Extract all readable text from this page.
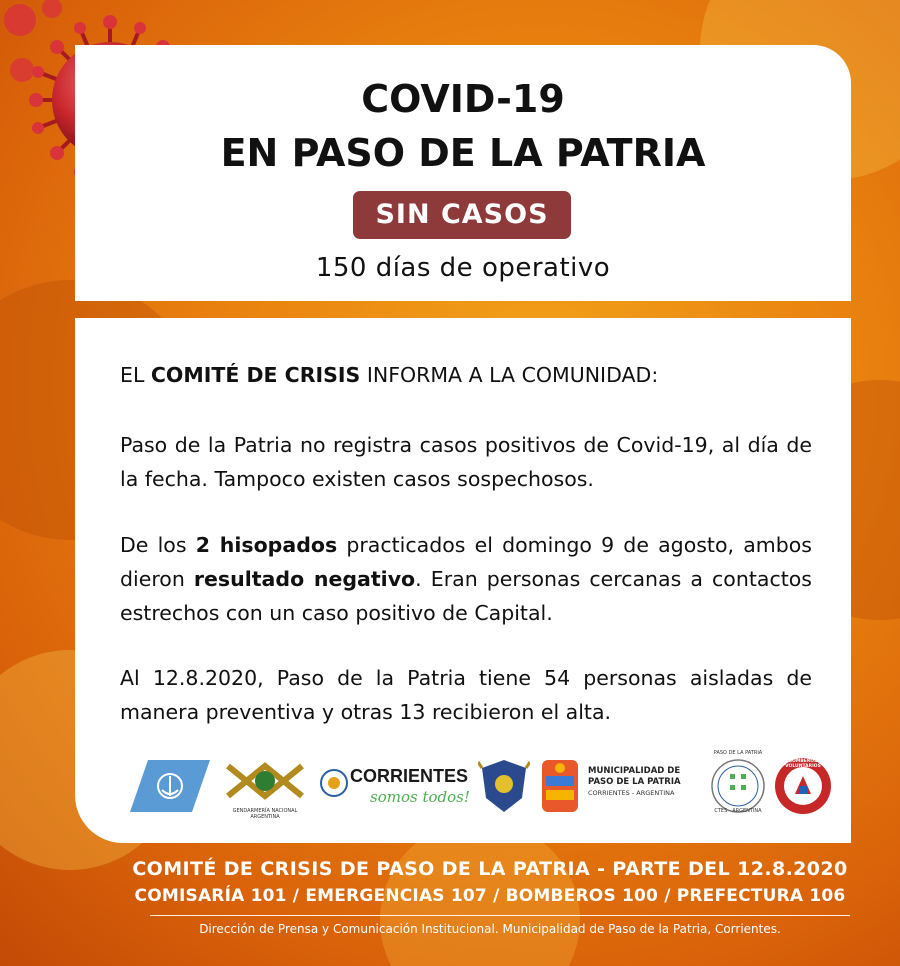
COVID-19
EN PASO DE LA PATRIA
SIN CASOS
150 días de operativo
EL COMITÉ DE CRISIS INFORMA A LA COMUNIDAD:
Paso de la Patria no registra casos positivos de Covid-19, al día de la fecha. Tampoco existen casos sospechosos.
De los 2 hisopados practicados el domingo 9 de agosto, ambos dieron resultado negativo. Eran personas cercanas a contactos estrechos con un caso positivo de Capital.
Al 12.8.2020, Paso de la Patria tiene 54 personas aisladas de manera preventiva y otras 13 recibieron el alta.
GENDARMERÍA NACIONAL ARGENTINA
CORRIENTES
somos todos!
MUNICIPALIDAD DE
PASO DE LA PATRIA
CORRIENTES - ARGENTINA
PASO DE LA PATRIA
CTES - ARGENTINA
BOMBEROS VOLUNTARIOS
COMITÉ DE CRISIS DE PASO DE LA PATRIA - PARTE DEL 12.8.2020
COMISARÍA 101 / EMERGENCIAS 107 / BOMBEROS 100 / PREFECTURA 106
Dirección de Prensa y Comunicación Institucional. Municipalidad de Paso de la Patria, Corrientes.
